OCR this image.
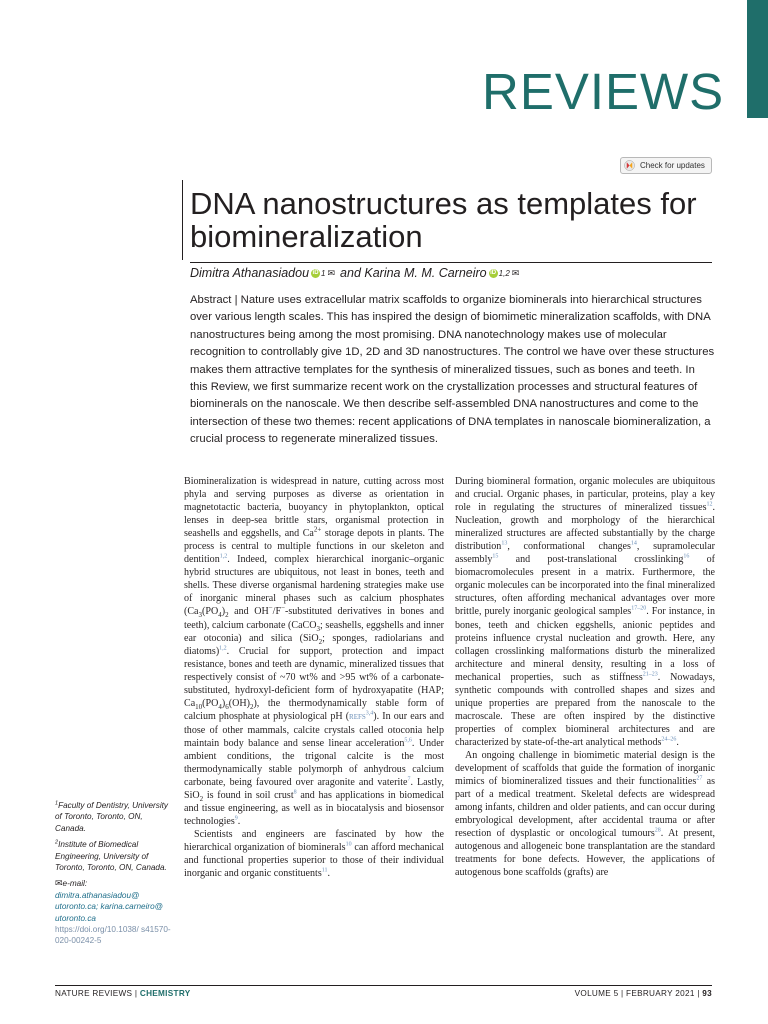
REVIEWS
Check for updates
DNA nanostructures as templates for biomineralization
Dimitra Athanasiadou iD 1 ✉ and Karina M. M. Carneiro iD 1,2 ✉
Abstract | Nature uses extracellular matrix scaffolds to organize biominerals into hierarchical structures over various length scales. This has inspired the design of biomimetic mineralization scaffolds, with DNA nanostructures being among the most promising. DNA nanotechnology makes use of molecular recognition to controllably give 1D, 2D and 3D nanostructures. The control we have over these structures makes them attractive templates for the synthesis of mineralized tissues, such as bones and teeth. In this Review, we first summarize recent work on the crystallization processes and structural features of biominerals on the nanoscale. We then describe self-assembled DNA nanostructures and come to the intersection of these two themes: recent applications of DNA templates in nanoscale biomineralization, a crucial process to regenerate mineralized tissues.

Biomineralization is widespread in nature, cutting across most phyla and serving purposes as diverse as orientation in magnetotactic bacteria, buoyancy in phytoplankton, optical lenses in deep-sea brittle stars, organismal protection in seashells and eggshells, and $Ca^{2+}$ storage depots in plants. The process is central to multiple functions in our skeleton and dentition$^{1,2}$. Indeed, complex hierarchical inorganic–organic hybrid structures are ubiquitous, not least in bones, teeth and shells. These diverse organismal hardening strategies make use of inorganic mineral phases such as calcium phosphates ($Ca_3(PO_4)_2$ and OH−/F−-substituted derivatives in bones and teeth), calcium carbonate (CaCO$_3$; seashells, eggshells and inner ear otoconia) and silica (SiO$_2$; sponges, radiolarians and diatoms)$^{1,2}$. Crucial for support, protection and impact resistance, bones and teeth are dynamic, mineralized tissues that respectively consist of ~70 wt% and >95 wt% of a carbonate-substituted, hydroxyl-deficient form of hydroxyapatite (HAP; $Ca_{10}(PO_4)_6(OH)_2$), the thermodynamically stable form of calcium phosphate at physiological pH (REFS$^{3,4}$). In our ears and those of other mammals, calcite crystals called otoconia help maintain body balance and sense linear acceleration$^{5,6}$. Under ambient conditions, the trigonal calcite is the most thermodynamically stable polymorph of anhydrous calcium carbonate, being favoured over aragonite and vaterite$^7$. Lastly, SiO$_2$ is found in soil crust$^8$ and has applications in biomedical and tissue engineering, as well as in biocatalysis and biosensor technologies$^9$.

Scientists and engineers are fascinated by how the hierarchical organization of biominerals$^{10}$ can afford mechanical and functional properties superior to those of their individual inorganic and organic constituents$^{11}$.

During biomineral formation, organic molecules are ubiquitous and crucial. Organic phases, in particular, proteins, play a key role in regulating the structures of mineralized tissues$^{12}$. Nucleation, growth and morphology of the hierarchical mineralized structures are affected substantially by the charge distribution$^{13}$, conformational changes$^{14}$, supramolecular assembly$^{15}$ and post-translational crosslinking$^{16}$ of biomacromolecules present in a matrix. Furthermore, the organic molecules can be incorporated into the final mineralized structures, often affording mechanical advantages over more brittle, purely inorganic geological samples$^{17-20}$. For instance, in bones, teeth and chicken eggshells, anionic peptides and proteins influence crystal nucleation and growth. Here, any collagen crosslinking malformations disturb the mineralized architecture and mineral density, resulting in a loss of mechanical properties, such as stiffness$^{21-23}$. Nowadays, synthetic compounds with controlled shapes and sizes and unique properties are prepared from the nanoscale to the macroscale. These are often inspired by the distinctive properties of complex biomineral architectures and are characterized by state-of-the-art analytical methods$^{24-26}$.

An ongoing challenge in biomimetic material design is the development of scaffolds that guide the formation of inorganic mimics of biomineralized tissues and their functionalities$^{27}$ as part of a medical treatment. Skeletal defects are widespread among infants, children and older patients, and can occur during embryological development, after accidental trauma or after resection of dysplastic or oncological tumours$^{28}$. At present, autogenous and allogeneic bone transplantation are the standard treatments for bone defects. However, the applications of autogenous bone scaffolds (grafts) are

$^1$Faculty of Dentistry, University of Toronto, Toronto, ON, Canada.
$^2$Institute of Biomedical Engineering, University of Toronto, Toronto, ON, Canada.
✉e-mail:
dimitra.athanasiadou@ utoronto.ca; karina.carneiro@ utoronto.ca
https://doi.org/10.1038/ s41570-020-00242-5
NATURE REVIEWS | CHEMISTRY	VOLUME 5 | FEBRUARY 2021 | 93
